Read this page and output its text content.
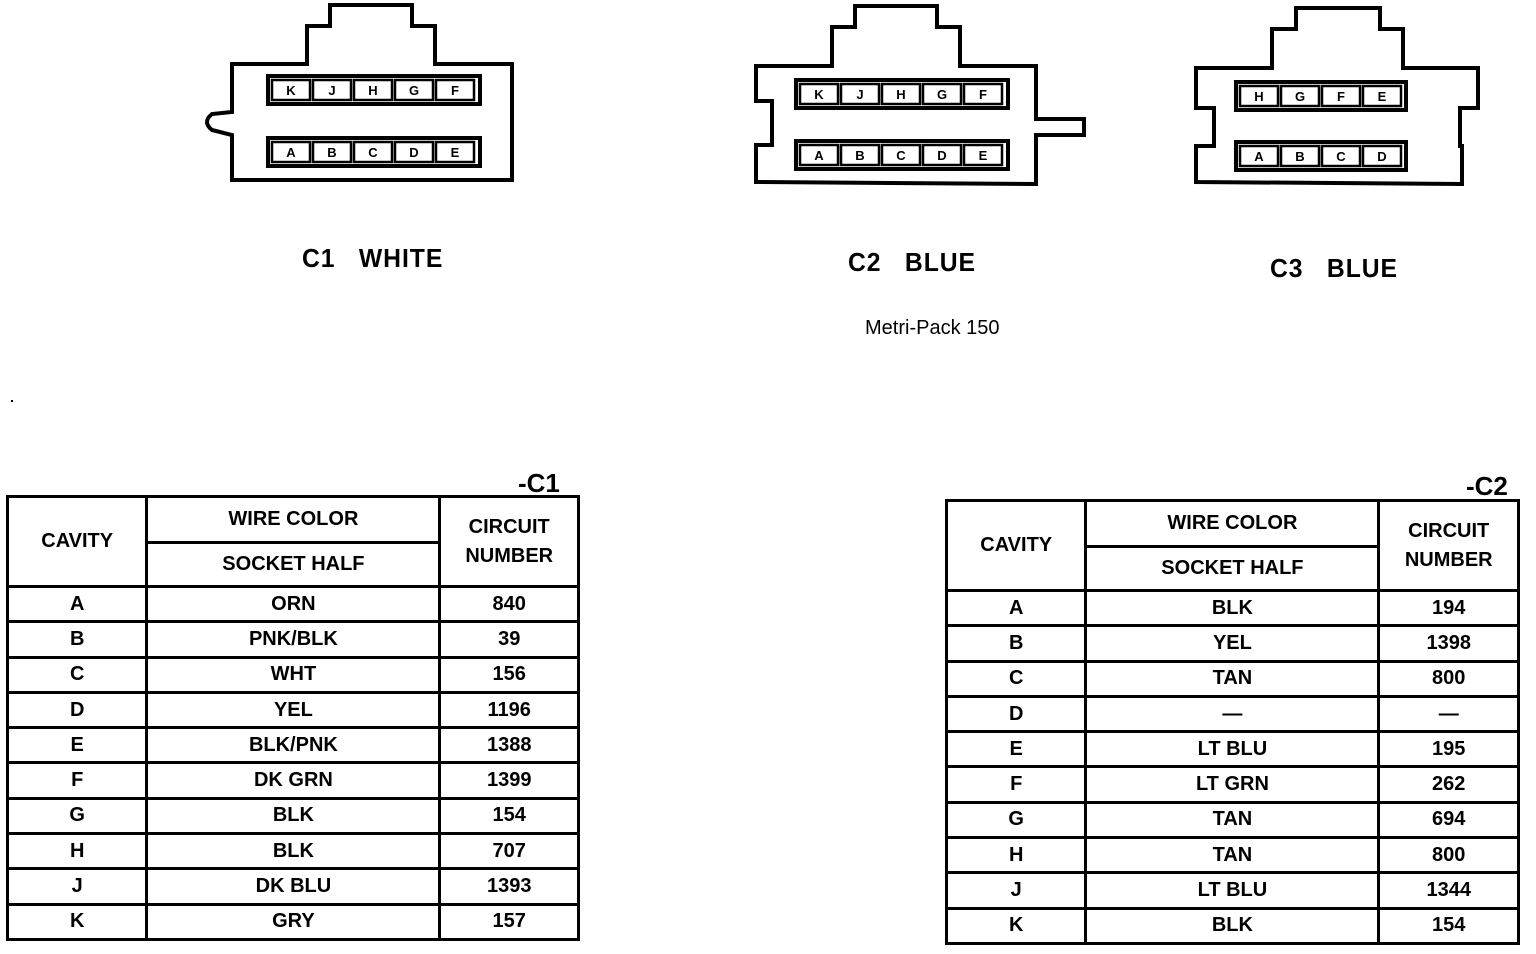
K	J	H G F
A B C D E
K	J	H G F
A B C D E
H G F	E
A B C D
C1   WHITE	C2   BLUE	C3   BLUE
Metri-Pack 150
-C1
CAVITY	WIRE COLOR	CIRCUIT
NUMBER

	SOCKET HALF	
A	ORN	840
B	PNK/BLK	39
C	WHT	156
D	YEL	1196
E	BLK/PNK	1388
F	DK GRN	1399
G	BLK	154
H	BLK	707
J	DK BLU	1393
K	GRY	157
-C2
CAVITY	WIRE COLOR	CIRCUIT
NUMBER

	SOCKET HALF	
A	BLK	194
B	YEL	1398
C	TAN	800
D	—	—
E	LT BLU	195
F	LT GRN	262
G	TAN	694
H	TAN	800
J	LT BLU	1344
K	BLK	154
